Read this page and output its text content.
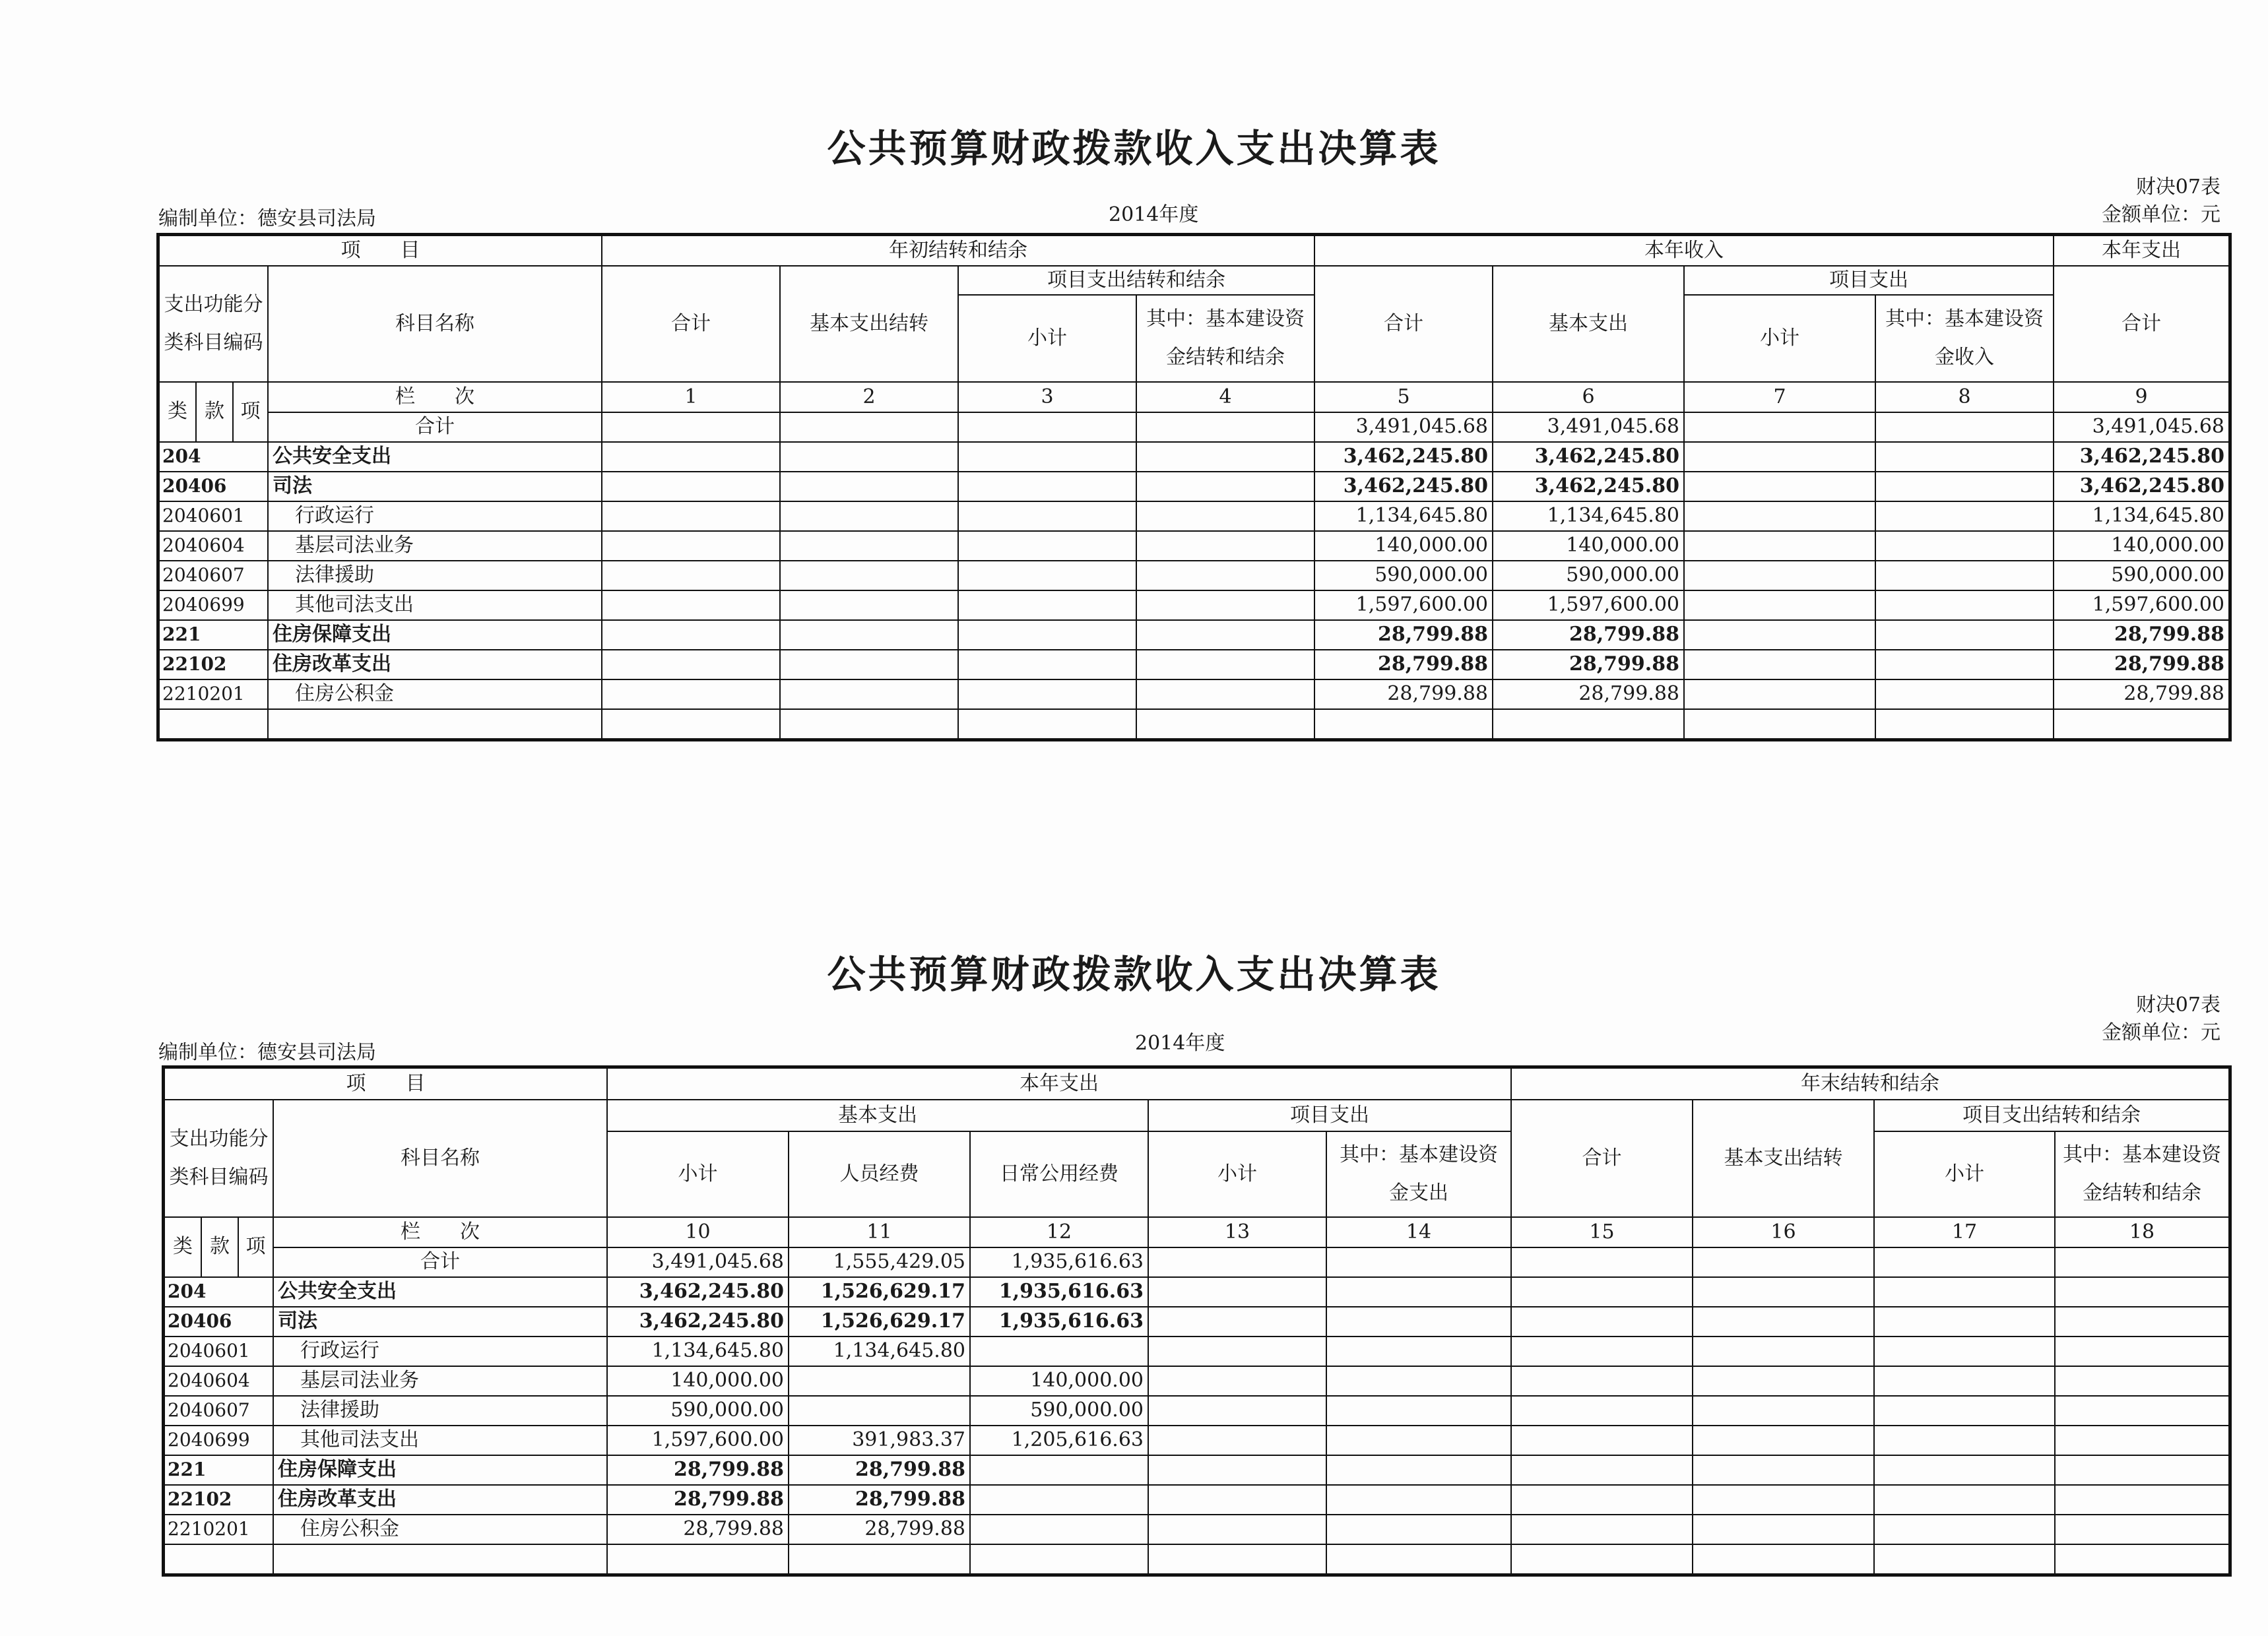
公共预算财政拨款收入支出决算表
财决07表
编制单位：德安县司法局	2014年度	金额单位：元
项　　目				年初结转和结余				本年收入				本年支出
支出功能分类科目编码			科目名称	合计	基本支出结转	项目支出结转和结余		合计	基本支出	项目支出		合计
						小计	其中：基本建设资金结转和结余			小计	其中：基本建设资金收入	

类	款	项	栏　　次	1	2	3	4	5	6	7	8	9
			合计					3,491,045.68	3,491,045.68			3,491,045.68
204			公共安全支出					3,462,245.80	3,462,245.80			3,462,245.80
20406			司法					3,462,245.80	3,462,245.80			3,462,245.80
2040601			行政运行					1,134,645.80	1,134,645.80			1,134,645.80
2040604			基层司法业务					140,000.00	140,000.00			140,000.00
2040607			法律援助					590,000.00	590,000.00			590,000.00
2040699			其他司法支出					1,597,600.00	1,597,600.00			1,597,600.00
221			住房保障支出					28,799.88	28,799.88			28,799.88
22102			住房改革支出					28,799.88	28,799.88			28,799.88
2210201			住房公积金					28,799.88	28,799.88			28,799.88

公共预算财政拨款收入支出决算表
财决07表
编制单位：德安县司法局	2014年度	金额单位：元
项　　目				本年支出					年末结转和结余			
支出功能分类科目编码			科目名称	基本支出			项目支出		合计	基本支出结转	项目支出结转和结余	
				小计	人员经费	日常公用经费	小计	其中：基本建设资金支出			小计	其中：基本建设资金结转和结余
类	款	项	栏　　次	10	11	12	13	14	15	16	17	18
			合计	3,491,045.68	1,555,429.05	1,935,616.63						
204			公共安全支出	3,462,245.80	1,526,629.17	1,935,616.63						
20406			司法	3,462,245.80	1,526,629.17	1,935,616.63						
2040601			行政运行	1,134,645.80	1,134,645.80							
2040604			基层司法业务	140,000.00		140,000.00						
2040607			法律援助	590,000.00		590,000.00						
2040699			其他司法支出	1,597,600.00	391,983.37	1,205,616.63						
221			住房保障支出	28,799.88	28,799.88							
22102			住房改革支出	28,799.88	28,799.88							
2210201			住房公积金	28,799.88	28,799.88							
